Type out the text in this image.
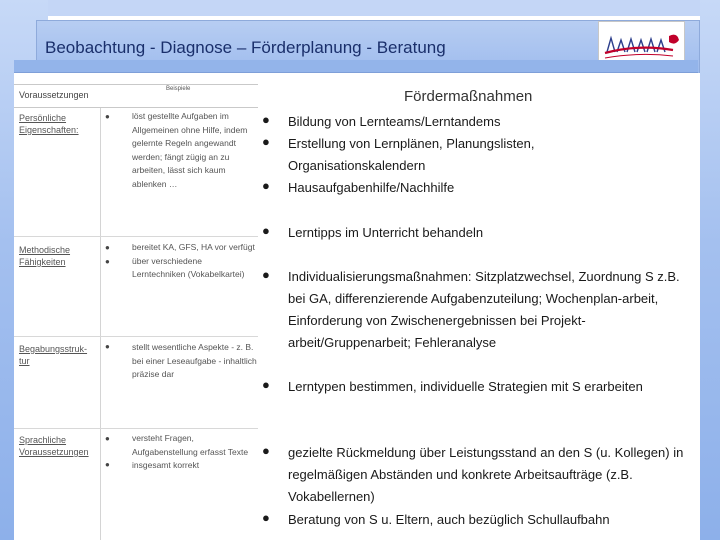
Beobachtung - Diagnose – Förderplanung - Beratung
Voraussetzungen
Beispiele
Persönliche Eigenschaften:
●	löst gestellte Aufgaben im Allgemeinen ohne Hilfe, indem gelernte Regeln angewandt werden; fängt zügig an zu arbeiten, lässt sich kaum ablenken …
Methodische Fähigkeiten
●
●
bereitet KA, GFS, HA vor verfügt über verschiedene Lerntechniken (Vokabelkartei)
Begabungsstruk-tur
●	stellt wesentliche Aspekte - z. B. bei einer Leseaufgabe - inhaltlich präzise dar
Sprachliche Voraussetzungen
●
●
versteht Fragen, Aufgabenstellung erfasst Texte insgesamt korrekt
Fördermaßnahmen
● Bildung von Lernteams/Lerntandems
● Erstellung von Lernplänen, Planungslisten, Organisationskalendern
● Hausaufgabenhilfe/Nachhilfe
● Lerntipps im Unterricht behandeln
● Individualisierungsmaßnahmen: Sitzplatzwechsel, Zuordnung S z.B. bei GA, differenzierende Aufgabenzuteilung; Wochenplan-arbeit, Einforderung von Zwischenergebnissen bei Projekt-arbeit/Gruppenarbeit; Fehleranalyse
● Lerntypen bestimmen, individuelle Strategien mit S erarbeiten
● gezielte Rückmeldung über Leistungsstand an den S (u. Kollegen) in regelmäßigen Abständen und konkrete Arbeitsaufträge (z.B. Vokabellernen)
● Beratung von S u. Eltern, auch bezüglich Schullaufbahn
